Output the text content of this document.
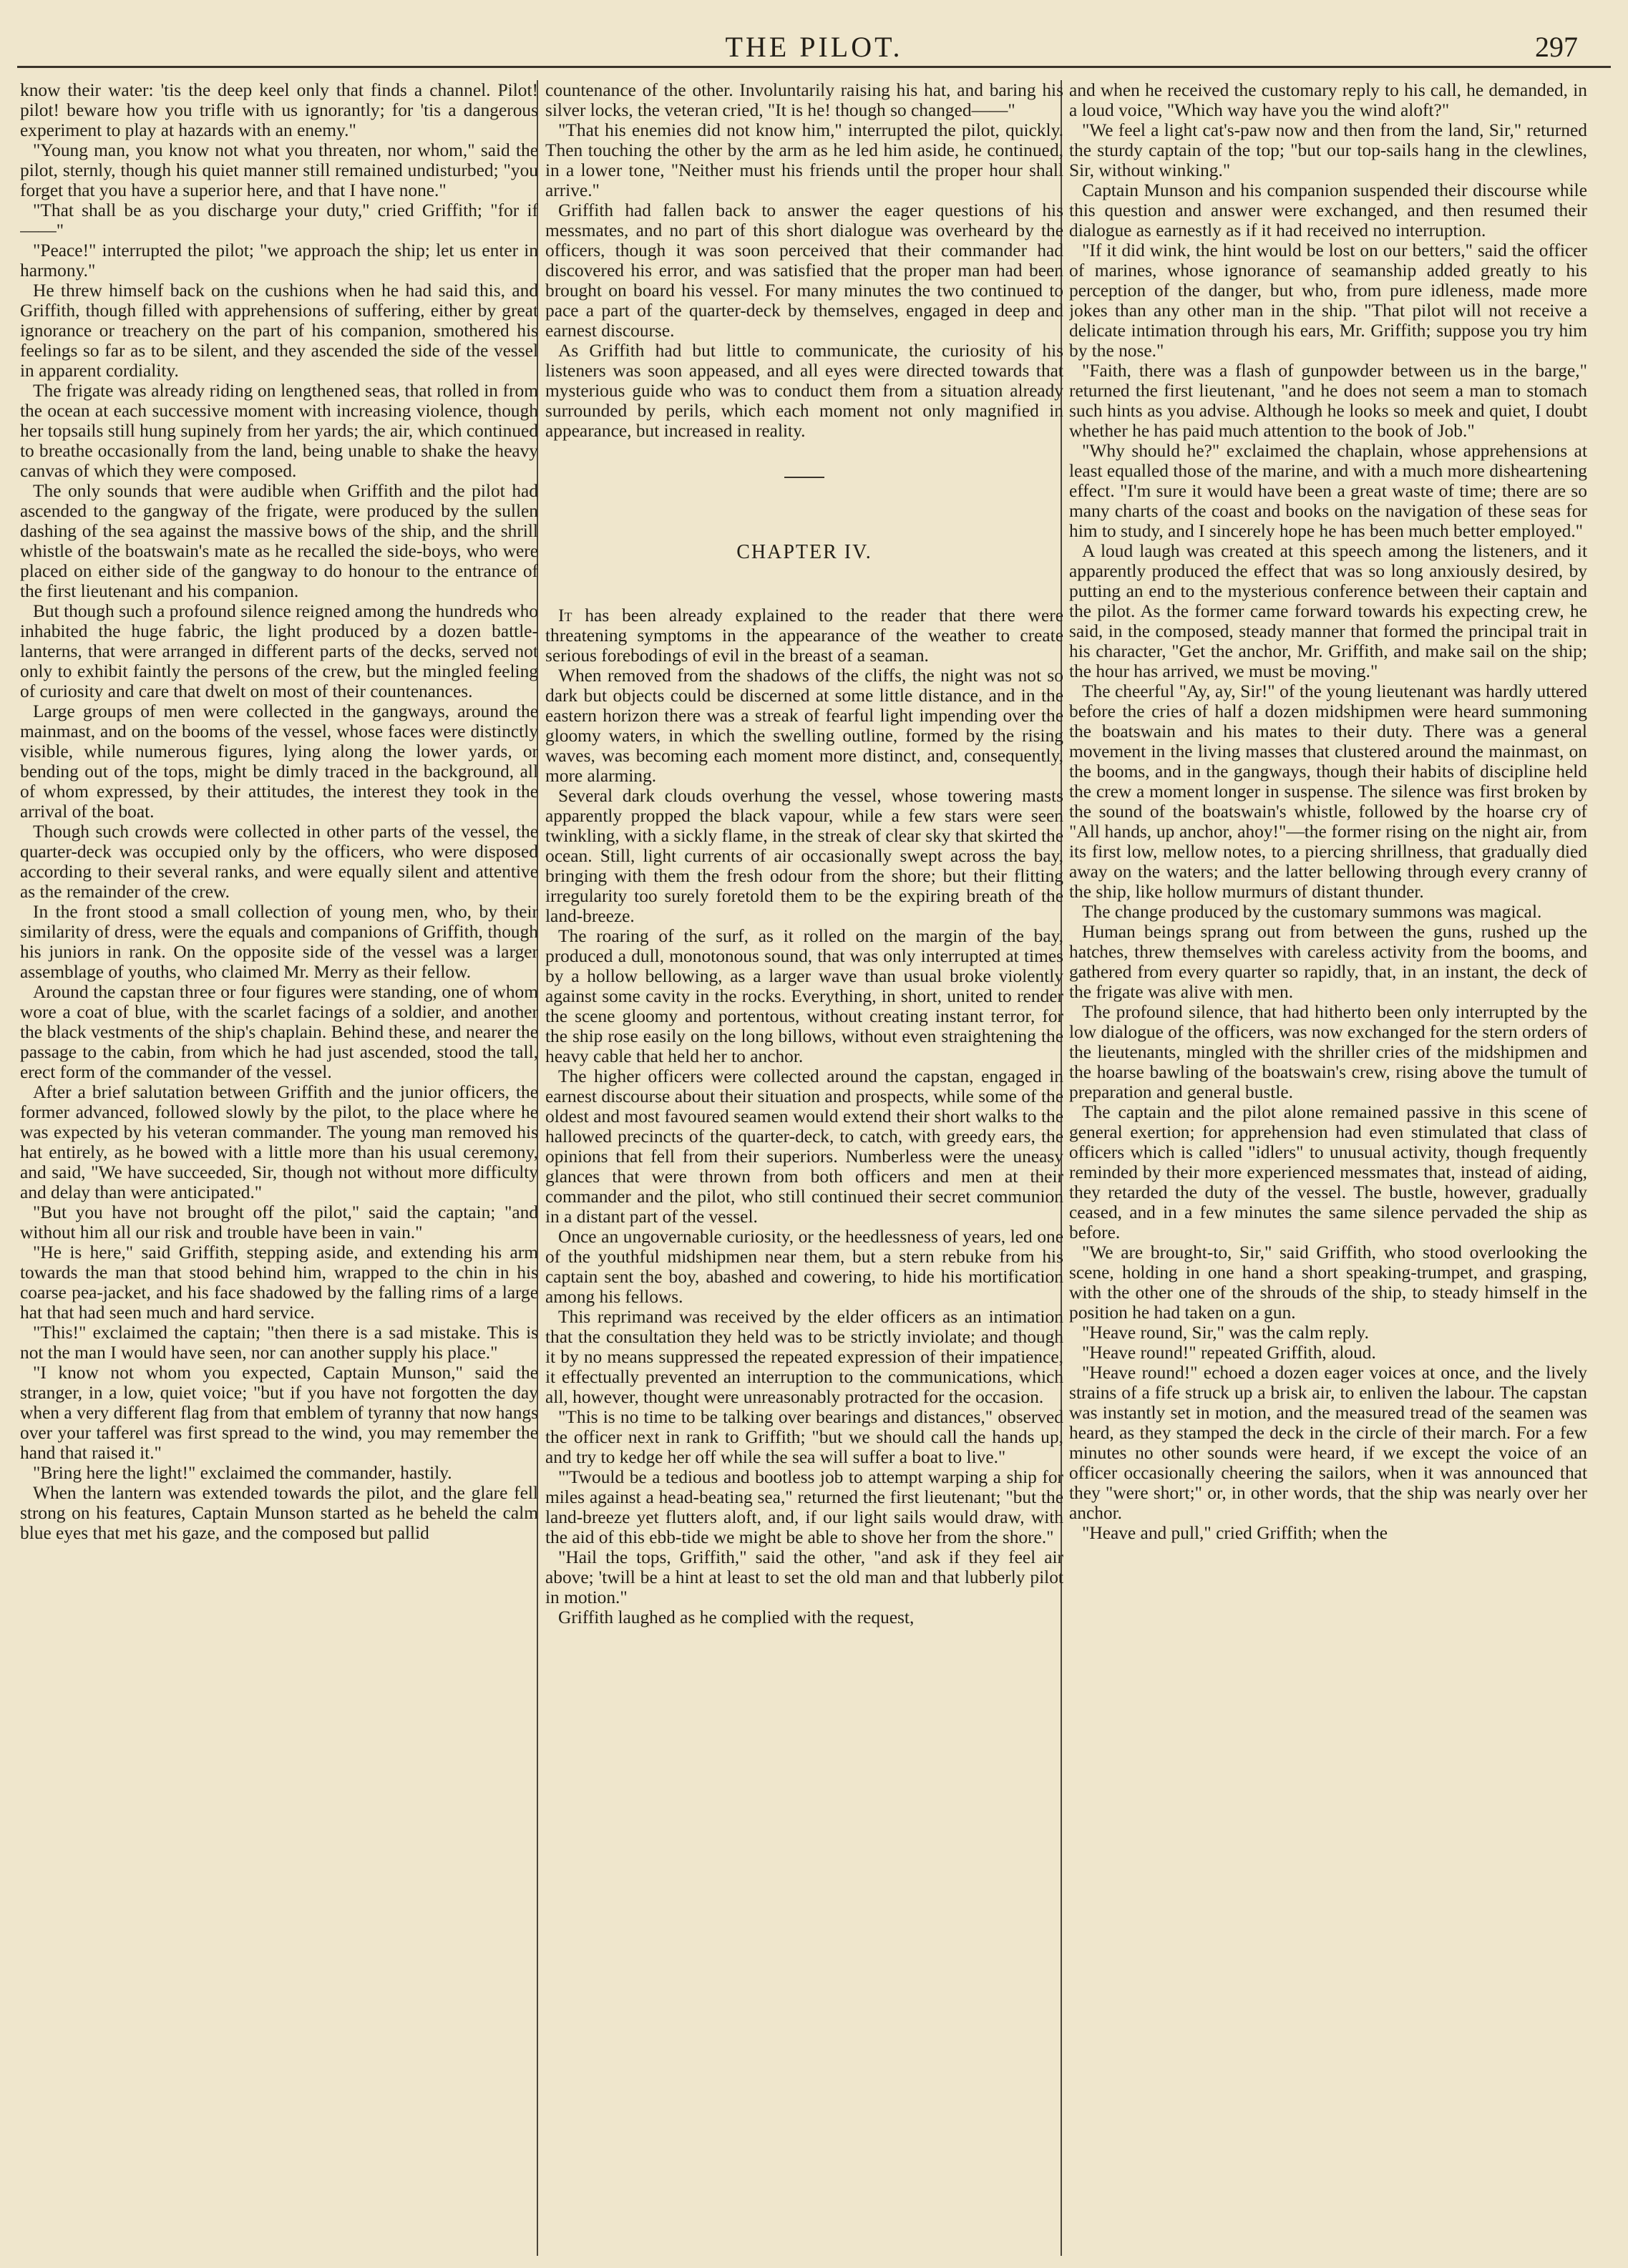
THE PILOT.	297

know their water: 'tis the deep keel only that finds a channel. Pilot! pilot! beware how you trifle with us ignorantly; for 'tis a dangerous experiment to play at hazards with an enemy."

"Young man, you know not what you threaten, nor whom," said the pilot, sternly, though his quiet manner still remained undisturbed; "you forget that you have a superior here, and that I have none."

"That shall be as you discharge your duty," cried Griffith; "for if——"

"Peace!" interrupted the pilot; "we approach the ship; let us enter in harmony."

He threw himself back on the cushions when he had said this, and Griffith, though filled with apprehensions of suffering, either by great ignorance or treachery on the part of his companion, smothered his feelings so far as to be silent, and they ascended the side of the vessel in apparent cordiality.

The frigate was already riding on lengthened seas, that rolled in from the ocean at each successive moment with increasing violence, though her topsails still hung supinely from her yards; the air, which continued to breathe occasionally from the land, being unable to shake the heavy canvas of which they were composed.

The only sounds that were audible when Griffith and the pilot had ascended to the gangway of the frigate, were produced by the sullen dashing of the sea against the massive bows of the ship, and the shrill whistle of the boatswain's mate as he recalled the side-boys, who were placed on either side of the gangway to do honour to the entrance of the first lieutenant and his companion.

But though such a profound silence reigned among the hundreds who inhabited the huge fabric, the light produced by a dozen battle-lanterns, that were arranged in different parts of the decks, served not only to exhibit faintly the persons of the crew, but the mingled feeling of curiosity and care that dwelt on most of their countenances.

Large groups of men were collected in the gangways, around the mainmast, and on the booms of the vessel, whose faces were distinctly visible, while numerous figures, lying along the lower yards, or bending out of the tops, might be dimly traced in the background, all of whom expressed, by their attitudes, the interest they took in the arrival of the boat.

Though such crowds were collected in other parts of the vessel, the quarter-deck was occupied only by the officers, who were disposed according to their several ranks, and were equally silent and attentive as the remainder of the crew.

In the front stood a small collection of young men, who, by their similarity of dress, were the equals and companions of Griffith, though his juniors in rank. On the opposite side of the vessel was a larger assemblage of youths, who claimed Mr. Merry as their fellow.

Around the capstan three or four figures were standing, one of whom wore a coat of blue, with the scarlet facings of a soldier, and another the black vestments of the ship's chaplain. Behind these, and nearer the passage to the cabin, from which he had just ascended, stood the tall, erect form of the commander of the vessel.

After a brief salutation between Griffith and the junior officers, the former advanced, followed slowly by the pilot, to the place where he was expected by his veteran commander. The young man removed his hat entirely, as he bowed with a little more than his usual ceremony, and said, "We have succeeded, Sir, though not without more difficulty and delay than were anticipated."

"But you have not brought off the pilot," said the captain; "and without him all our risk and trouble have been in vain."

"He is here," said Griffith, stepping aside, and extending his arm towards the man that stood behind him, wrapped to the chin in his coarse pea-jacket, and his face shadowed by the falling rims of a large hat that had seen much and hard service.

"This!" exclaimed the captain; "then there is a sad mistake. This is not the man I would have seen, nor can another supply his place."

"I know not whom you expected, Captain Munson," said the stranger, in a low, quiet voice; "but if you have not forgotten the day when a very different flag from that emblem of tyranny that now hangs over your tafferel was first spread to the wind, you may remember the hand that raised it."

"Bring here the light!" exclaimed the commander, hastily.

When the lantern was extended towards the pilot, and the glare fell strong on his features, Captain Munson started as he beheld the calm blue eyes that met his gaze, and the composed but pallid

countenance of the other. Involuntarily raising his hat, and baring his silver locks, the veteran cried, "It is he! though so changed——"

"That his enemies did not know him," interrupted the pilot, quickly. Then touching the other by the arm as he led him aside, he continued, in a lower tone, "Neither must his friends until the proper hour shall arrive."

Griffith had fallen back to answer the eager questions of his messmates, and no part of this short dialogue was overheard by the officers, though it was soon perceived that their commander had discovered his error, and was satisfied that the proper man had been brought on board his vessel. For many minutes the two continued to pace a part of the quarter-deck by themselves, engaged in deep and earnest discourse.

As Griffith had but little to communicate, the curiosity of his listeners was soon appeased, and all eyes were directed towards that mysterious guide who was to conduct them from a situation already surrounded by perils, which each moment not only magnified in appearance, but increased in reality.

CHAPTER IV.

It has been already explained to the reader that there were threatening symptoms in the appearance of the weather to create serious forebodings of evil in the breast of a seaman.

When removed from the shadows of the cliffs, the night was not so dark but objects could be discerned at some little distance, and in the eastern horizon there was a streak of fearful light impending over the gloomy waters, in which the swelling outline, formed by the rising waves, was becoming each moment more distinct, and, consequently, more alarming.

Several dark clouds overhung the vessel, whose towering masts apparently propped the black vapour, while a few stars were seen twinkling, with a sickly flame, in the streak of clear sky that skirted the ocean. Still, light currents of air occasionally swept across the bay, bringing with them the fresh odour from the shore; but their flitting irregularity too surely foretold them to be the expiring breath of the land-breeze.

The roaring of the surf, as it rolled on the margin of the bay, produced a dull, monotonous sound, that was only interrupted at times by a hollow bellowing, as a larger wave than usual broke violently against some cavity in the rocks. Everything, in short, united to render the scene gloomy and portentous, without creating instant terror, for the ship rose easily on the long billows, without even straightening the heavy cable that held her to anchor.

The higher officers were collected around the capstan, engaged in earnest discourse about their situation and prospects, while some of the oldest and most favoured seamen would extend their short walks to the hallowed precincts of the quarter-deck, to catch, with greedy ears, the opinions that fell from their superiors. Numberless were the uneasy glances that were thrown from both officers and men at their commander and the pilot, who still continued their secret communion in a distant part of the vessel.

Once an ungovernable curiosity, or the heedlessness of years, led one of the youthful midshipmen near them, but a stern rebuke from his captain sent the boy, abashed and cowering, to hide his mortification among his fellows.

This reprimand was received by the elder officers as an intimation that the consultation they held was to be strictly inviolate; and though it by no means suppressed the repeated expression of their impatience, it effectually prevented an interruption to the communications, which all, however, thought were unreasonably protracted for the occasion.

"This is no time to be talking over bearings and distances," observed the officer next in rank to Griffith; "but we should call the hands up, and try to kedge her off while the sea will suffer a boat to live."

"'Twould be a tedious and bootless job to attempt warping a ship for miles against a head-beating sea," returned the first lieutenant; "but the land-breeze yet flutters aloft, and, if our light sails would draw, with the aid of this ebb-tide we might be able to shove her from the shore."

"Hail the tops, Griffith," said the other, "and ask if they feel air above; 'twill be a hint at least to set the old man and that lubberly pilot in motion."

Griffith laughed as he complied with the request,

and when he received the customary reply to his call, he demanded, in a loud voice, "Which way have you the wind aloft?"

"We feel a light cat's-paw now and then from the land, Sir," returned the sturdy captain of the top; "but our top-sails hang in the clewlines, Sir, without winking."

Captain Munson and his companion suspended their discourse while this question and answer were exchanged, and then resumed their dialogue as earnestly as if it had received no interruption.

"If it did wink, the hint would be lost on our betters," said the officer of marines, whose ignorance of seamanship added greatly to his perception of the danger, but who, from pure idleness, made more jokes than any other man in the ship. "That pilot will not receive a delicate intimation through his ears, Mr. Griffith; suppose you try him by the nose."

"Faith, there was a flash of gunpowder between us in the barge," returned the first lieutenant, "and he does not seem a man to stomach such hints as you advise. Although he looks so meek and quiet, I doubt whether he has paid much attention to the book of Job."

"Why should he?" exclaimed the chaplain, whose apprehensions at least equalled those of the marine, and with a much more disheartening effect. "I'm sure it would have been a great waste of time; there are so many charts of the coast and books on the navigation of these seas for him to study, and I sincerely hope he has been much better employed."

A loud laugh was created at this speech among the listeners, and it apparently produced the effect that was so long anxiously desired, by putting an end to the mysterious conference between their captain and the pilot. As the former came forward towards his expecting crew, he said, in the composed, steady manner that formed the principal trait in his character, "Get the anchor, Mr. Griffith, and make sail on the ship; the hour has arrived, we must be moving."

The cheerful "Ay, ay, Sir!" of the young lieutenant was hardly uttered before the cries of half a dozen midshipmen were heard summoning the boatswain and his mates to their duty. There was a general movement in the living masses that clustered around the mainmast, on the booms, and in the gangways, though their habits of discipline held the crew a moment longer in suspense. The silence was first broken by the sound of the boatswain's whistle, followed by the hoarse cry of "All hands, up anchor, ahoy!"—the former rising on the night air, from its first low, mellow notes, to a piercing shrillness, that gradually died away on the waters; and the latter bellowing through every cranny of the ship, like hollow murmurs of distant thunder.

The change produced by the customary summons was magical.

Human beings sprang out from between the guns, rushed up the hatches, threw themselves with careless activity from the booms, and gathered from every quarter so rapidly, that, in an instant, the deck of the frigate was alive with men.

The profound silence, that had hitherto been only interrupted by the low dialogue of the officers, was now exchanged for the stern orders of the lieutenants, mingled with the shriller cries of the midshipmen and the hoarse bawling of the boatswain's crew, rising above the tumult of preparation and general bustle.

The captain and the pilot alone remained passive in this scene of general exertion; for apprehension had even stimulated that class of officers which is called "idlers" to unusual activity, though frequently reminded by their more experienced messmates that, instead of aiding, they retarded the duty of the vessel. The bustle, however, gradually ceased, and in a few minutes the same silence pervaded the ship as before.

"We are brought-to, Sir," said Griffith, who stood overlooking the scene, holding in one hand a short speaking-trumpet, and grasping, with the other one of the shrouds of the ship, to steady himself in the position he had taken on a gun.

"Heave round, Sir," was the calm reply.

"Heave round!" repeated Griffith, aloud.

"Heave round!" echoed a dozen eager voices at once, and the lively strains of a fife struck up a brisk air, to enliven the labour. The capstan was instantly set in motion, and the measured tread of the seamen was heard, as they stamped the deck in the circle of their march. For a few minutes no other sounds were heard, if we except the voice of an officer occasionally cheering the sailors, when it was announced that they "were short;" or, in other words, that the ship was nearly over her anchor.

"Heave and pull," cried Griffith; when the
